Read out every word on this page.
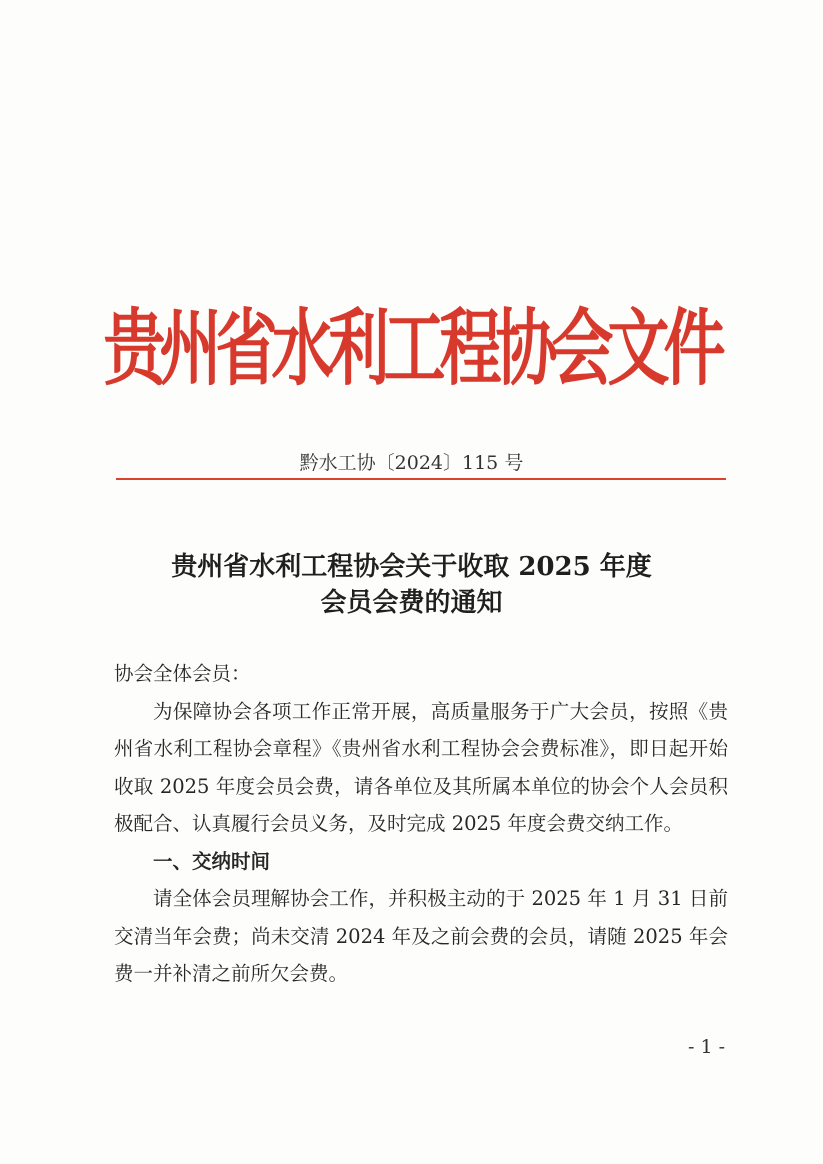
贵州省水利工程协会文件
黔水工协〔2024〕115 号
贵州省水利工程协会关于收取 2025 年度
会员会费的通知
协会全体会员：

为保障协会各项工作正常开展，高质量服务于广大会员，按照《贵州省水利工程协会章程》《贵州省水利工程协会会费标准》，即日起开始收取 2025 年度会员会费，请各单位及其所属本单位的协会个人会员积极配合、认真履行会员义务，及时完成 2025 年度会费交纳工作。

一、交纳时间

请全体会员理解协会工作，并积极主动的于 2025 年 1 月 31 日前交清当年会费；尚未交清 2024 年及之前会费的会员，请随 2025 年会费一并补清之前所欠会费。

- 1 -
